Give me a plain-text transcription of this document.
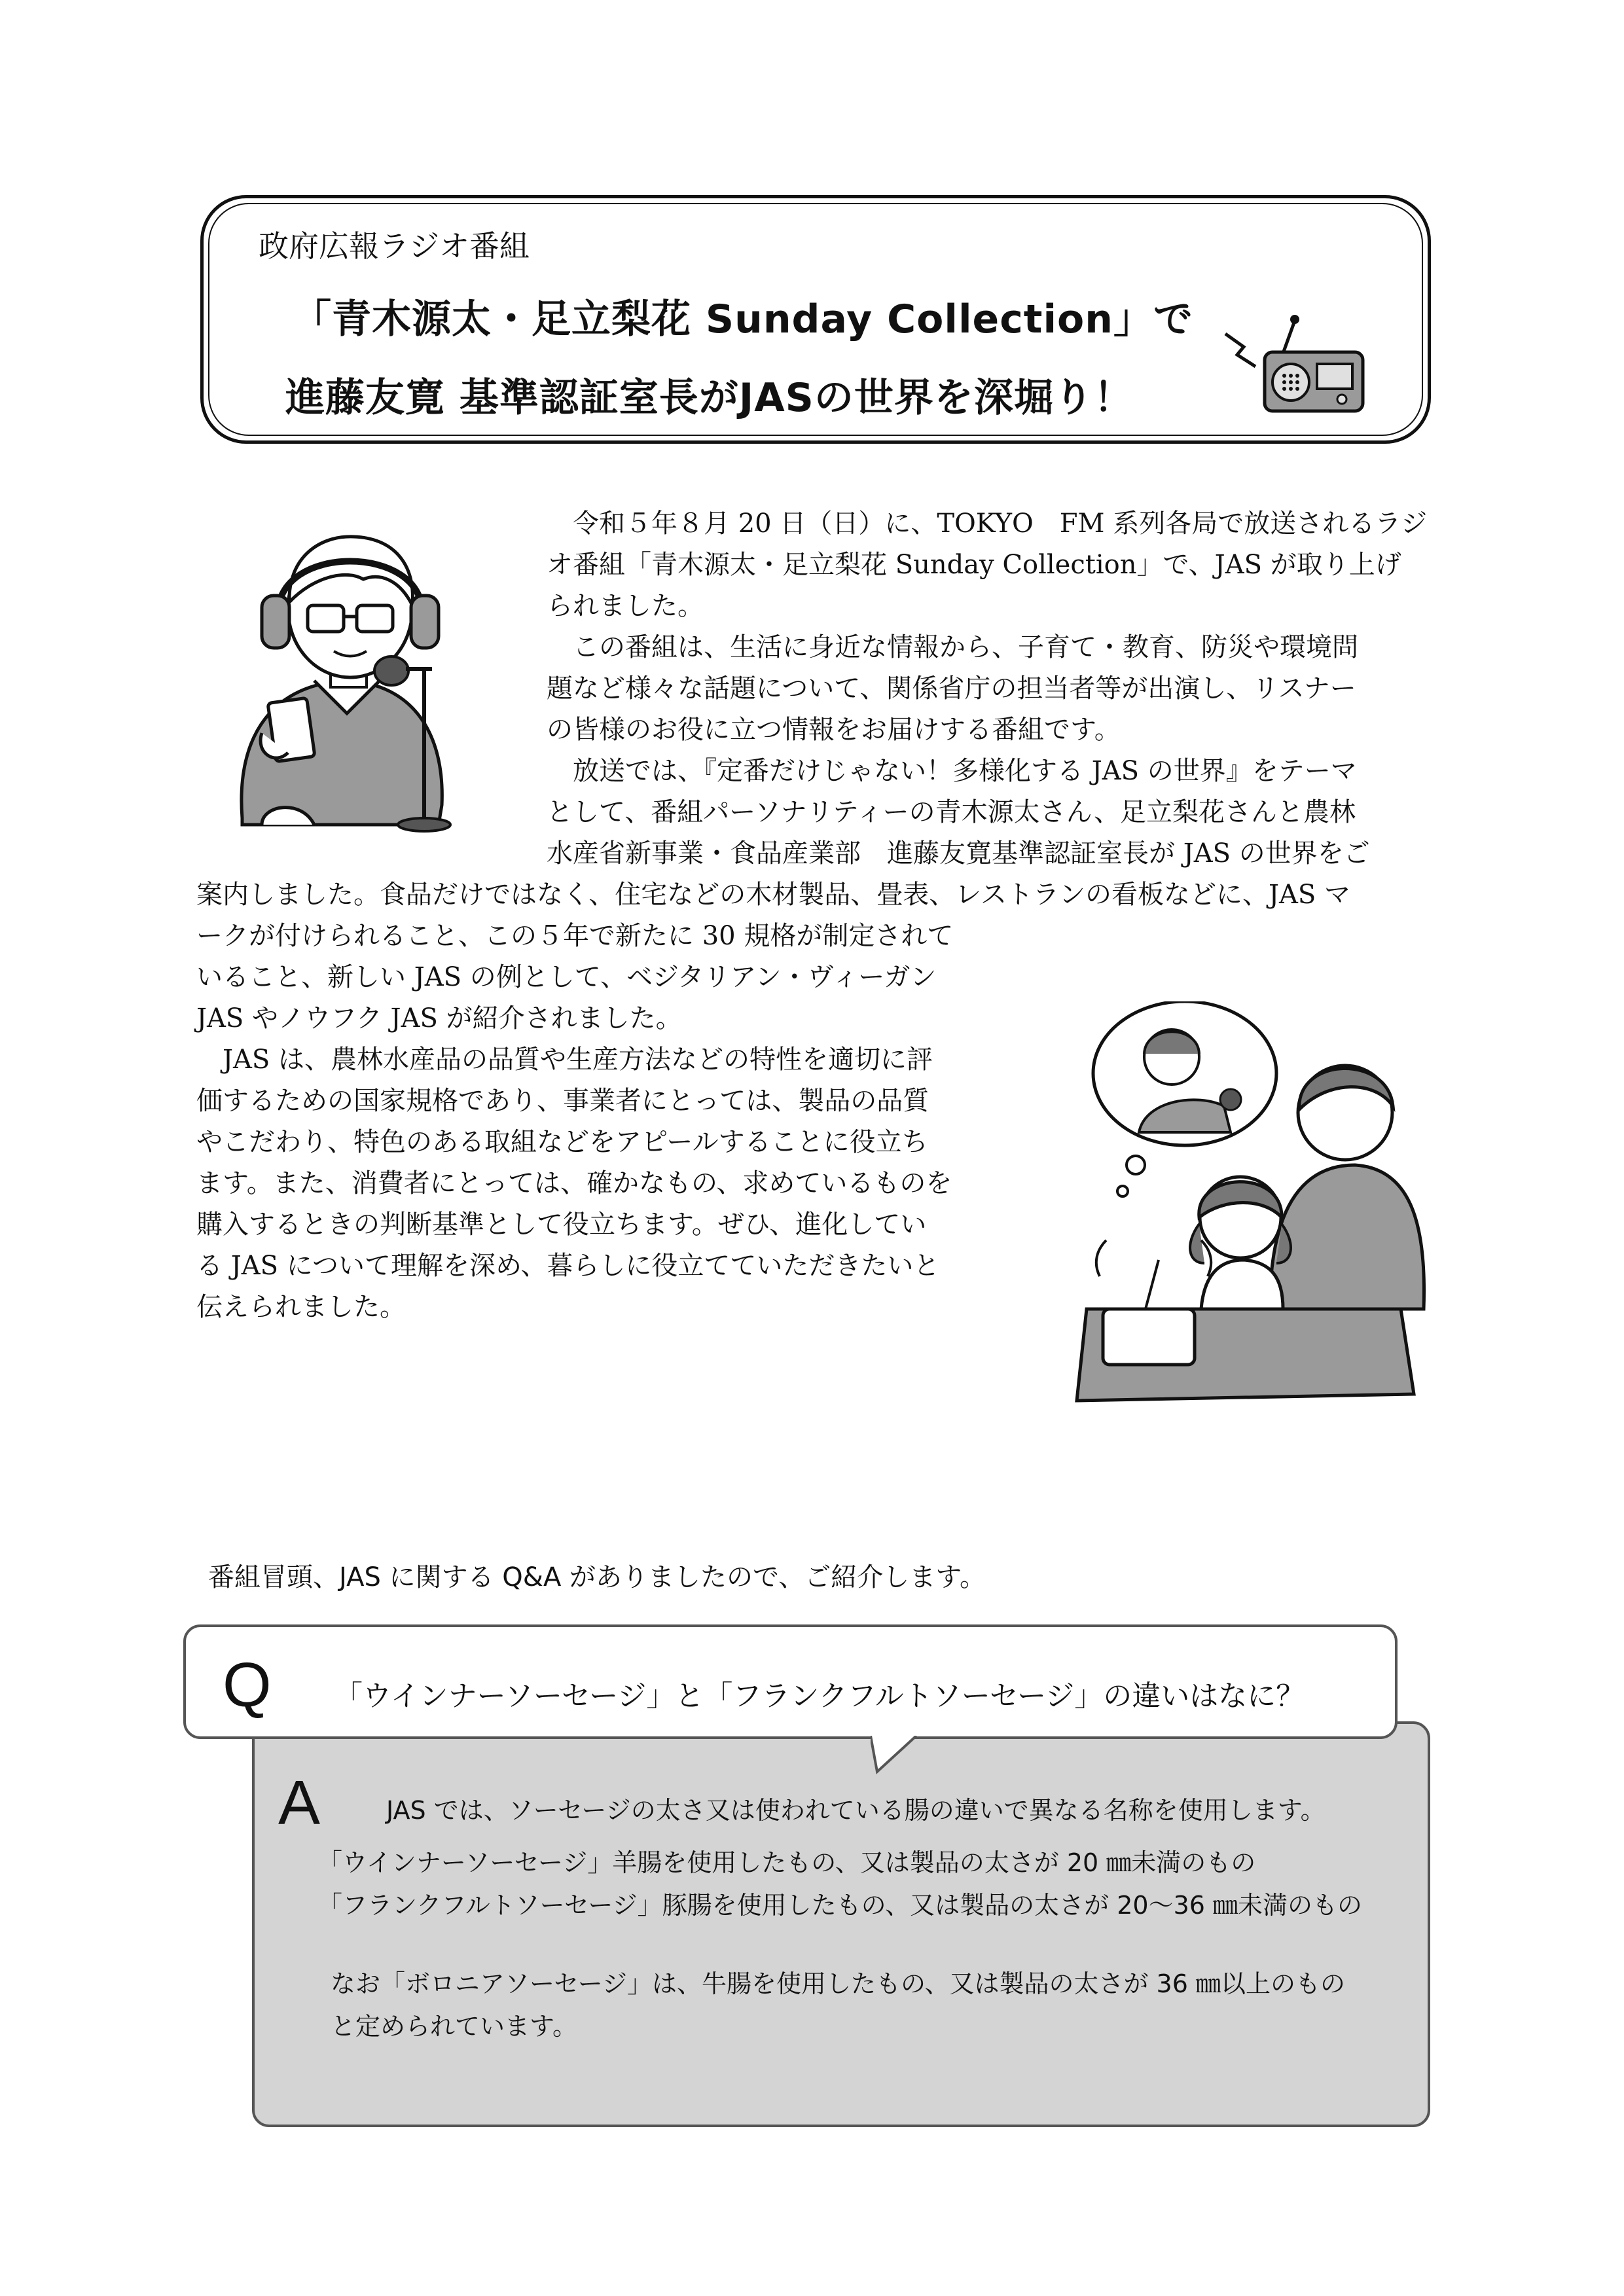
政府広報ラジオ番組
「青木源太・足立梨花 Sunday Collection」で
進藤友寛 基準認証室長がJASの世界を深堀り！
　令和５年８月 20 日（日）に、TOKYO　FM 系列各局で放送されるラジ
オ番組「青木源太・足立梨花 Sunday Collection」で、JAS が取り上げ
られました。
　この番組は、生活に身近な情報から、子育て・教育、防災や環境問
題など様々な話題について、関係省庁の担当者等が出演し、リスナー
の皆様のお役に立つ情報をお届けする番組です。
　放送では、『定番だけじゃない！多様化する JAS の世界』をテーマ
として、番組パーソナリティーの青木源太さん、足立梨花さんと農林
水産省新事業・食品産業部　進藤友寛基準認証室長が JAS の世界をご
案内しました。食品だけではなく、住宅などの木材製品、畳表、レストランの看板などに、JAS マ
ークが付けられること、この５年で新たに 30 規格が制定されて
いること、新しい JAS の例として、ベジタリアン・ヴィーガン
JAS やノウフク JAS が紹介されました。
　JAS は、農林水産品の品質や生産方法などの特性を適切に評
価するための国家規格であり、事業者にとっては、製品の品質
やこだわり、特色のある取組などをアピールすることに役立ち
ます。また、消費者にとっては、確かなもの、求めているものを
購入するときの判断基準として役立ちます。ぜひ、進化してい
る JAS について理解を深め、暮らしに役立てていただきたいと
伝えられました。
番組冒頭、JAS に関する Q&A がありましたので、ご紹介します。
Q 「ウインナーソーセージ」と「フランクフルトソーセージ」の違いはなに？
A	JAS では、ソーセージの太さ又は使われている腸の違いで異なる名称を使用します。
「ウインナーソーセージ」羊腸を使用したもの、又は製品の太さが 20 ㎜未満のもの
「フランクフルトソーセージ」豚腸を使用したもの、又は製品の太さが 20～36 ㎜未満のもの
なお「ボロニアソーセージ」は、牛腸を使用したもの、又は製品の太さが 36 ㎜以上のもの
と定められています。
